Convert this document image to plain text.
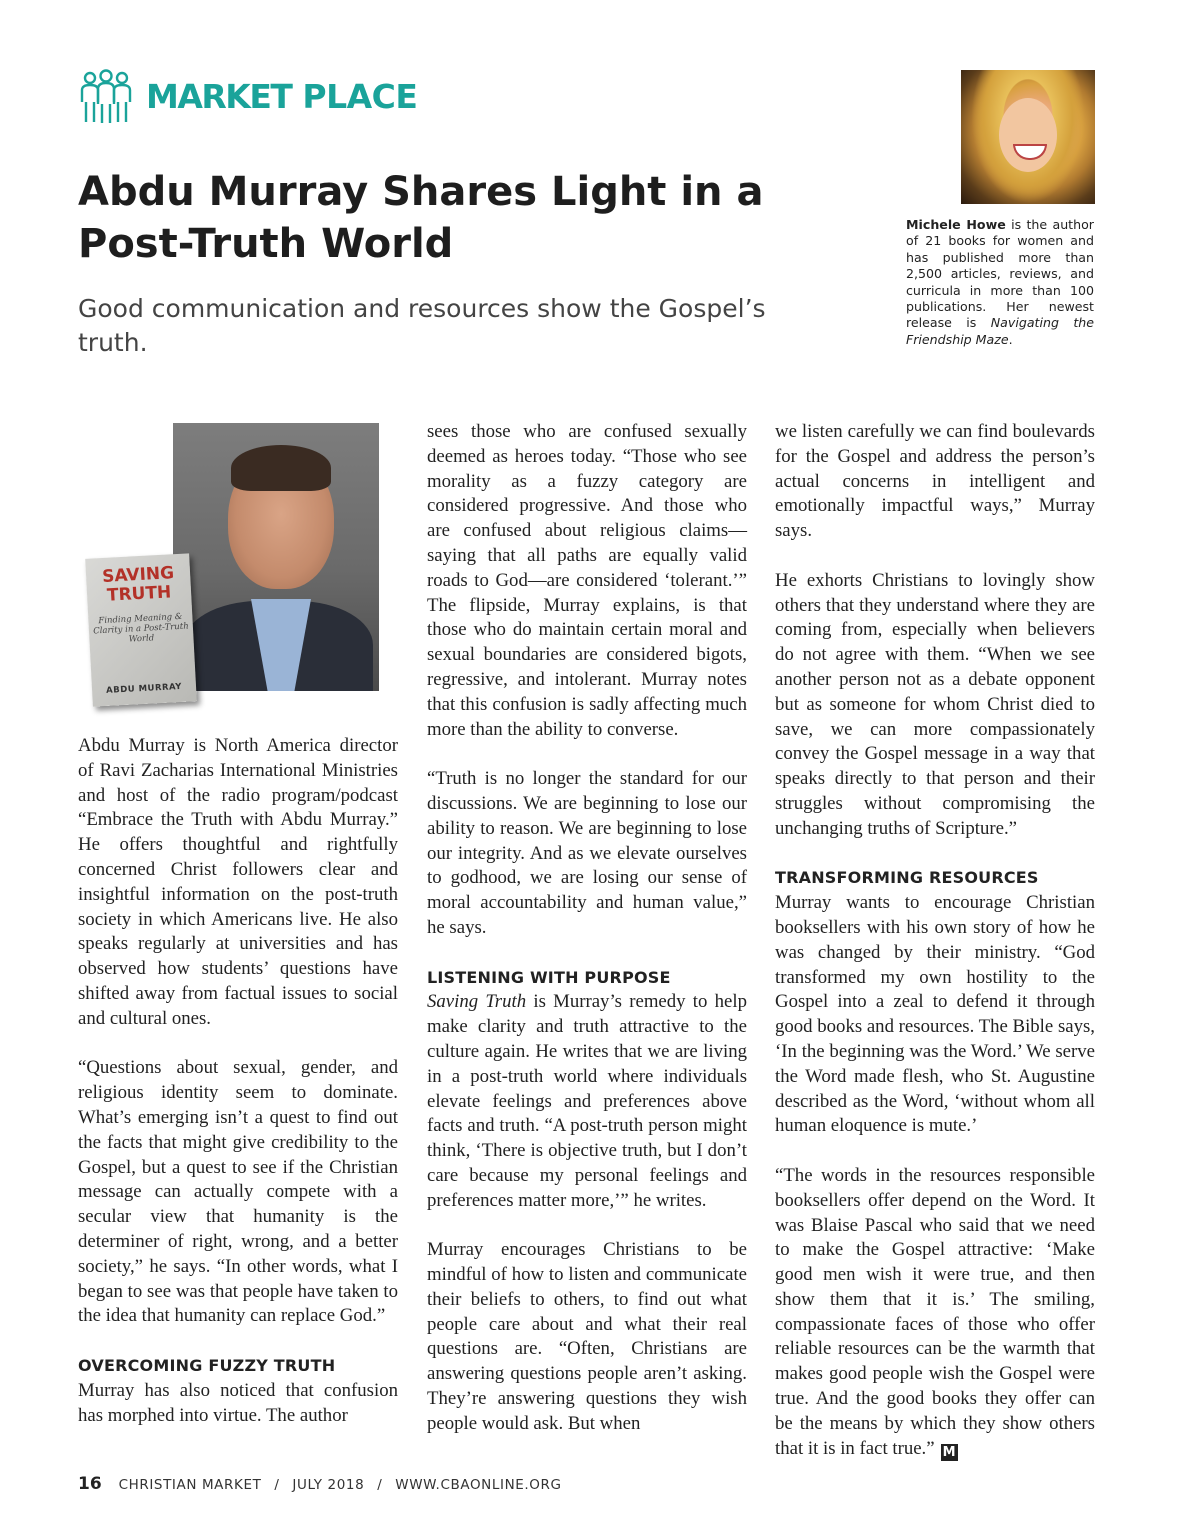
MARKET PLACE
Abdu Murray Shares Light in a Post-Truth World
Good communication and resources show the Gospel’s truth.

Michele Howe is the author of 21 books for women and has published more than 2,500 articles, reviews, and curricula in more than 100 publications. Her newest release is Navigating the Friendship Maze.

SAVING TRUTH
Finding Meaning & Clarity in a Post-Truth World
ABDU MURRAY

Abdu Murray is North America director of Ravi Zacharias International Ministries and host of the radio program/podcast “Embrace the Truth with Abdu Murray.” He offers thoughtful and rightfully concerned Christ followers clear and insightful information on the post-truth society in which Americans live. He also speaks regularly at universities and has observed how students’ questions have shifted away from factual issues to social and cultural ones.

“Questions about sexual, gender, and religious identity seem to dominate. What’s emerging isn’t a quest to find out the facts that might give credibility to the Gospel, but a quest to see if the Christian message can actually compete with a secular view that humanity is the determiner of right, wrong, and a better society,” he says. “In other words, what I began to see was that people have taken to the idea that humanity can replace God.”

OVERCOMING FUZZY TRUTH

Murray has also noticed that confusion has morphed into virtue. The author

sees those who are confused sexually deemed as heroes today. “Those who see morality as a fuzzy category are considered progressive. And those who are confused about religious claims—saying that all paths are equally valid roads to God—are considered ‘tolerant.’” The flipside, Murray explains, is that those who do maintain certain moral and sexual boundaries are considered bigots, regressive, and intolerant. Murray notes that this confusion is sadly affecting much more than the ability to converse.

“Truth is no longer the standard for our discussions. We are beginning to lose our ability to reason. We are beginning to lose our integrity. And as we elevate ourselves to godhood, we are losing our sense of moral accountability and human value,” he says.

LISTENING WITH PURPOSE

Saving Truth is Murray’s remedy to help make clarity and truth attractive to the culture again. He writes that we are living in a post-truth world where individuals elevate feelings and preferences above facts and truth. “A post-truth person might think, ‘There is objective truth, but I don’t care because my personal feelings and preferences matter more,’” he writes.

Murray encourages Christians to be mindful of how to listen and communicate their beliefs to others, to find out what people care about and what their real questions are. “Often, Christians are answering questions people aren’t asking. They’re answering questions they wish people would ask. But when

we listen carefully we can find boulevards for the Gospel and address the person’s actual concerns in intelligent and emotionally impactful ways,” Murray says.

He exhorts Christians to lovingly show others that they understand where they are coming from, especially when believers do not agree with them. “When we see another person not as a debate opponent but as someone for whom Christ died to save, we can more compassionately convey the Gospel message in a way that speaks directly to that person and their struggles without compromising the unchanging truths of Scripture.”

TRANSFORMING RESOURCES

Murray wants to encourage Christian booksellers with his own story of how he was changed by their ministry. “God transformed my own hostility to the Gospel into a zeal to defend it through good books and resources. The Bible says, ‘In the beginning was the Word.’ We serve the Word made flesh, who St. Augustine described as the Word, ‘without whom all human eloquence is mute.’

“The words in the resources responsible booksellers offer depend on the Word. It was Blaise Pascal who said that we need to make the Gospel attractive: ‘Make good men wish it were true, and then show them that it is.’ The smiling, compassionate faces of those who offer reliable resources can be the warmth that makes good people wish the Gospel were true. And the good books they offer can be the means by which they show others that it is in fact true.” M

16 CHRISTIAN MARKET / JULY 2018 / WWW.CBAONLINE.ORG
